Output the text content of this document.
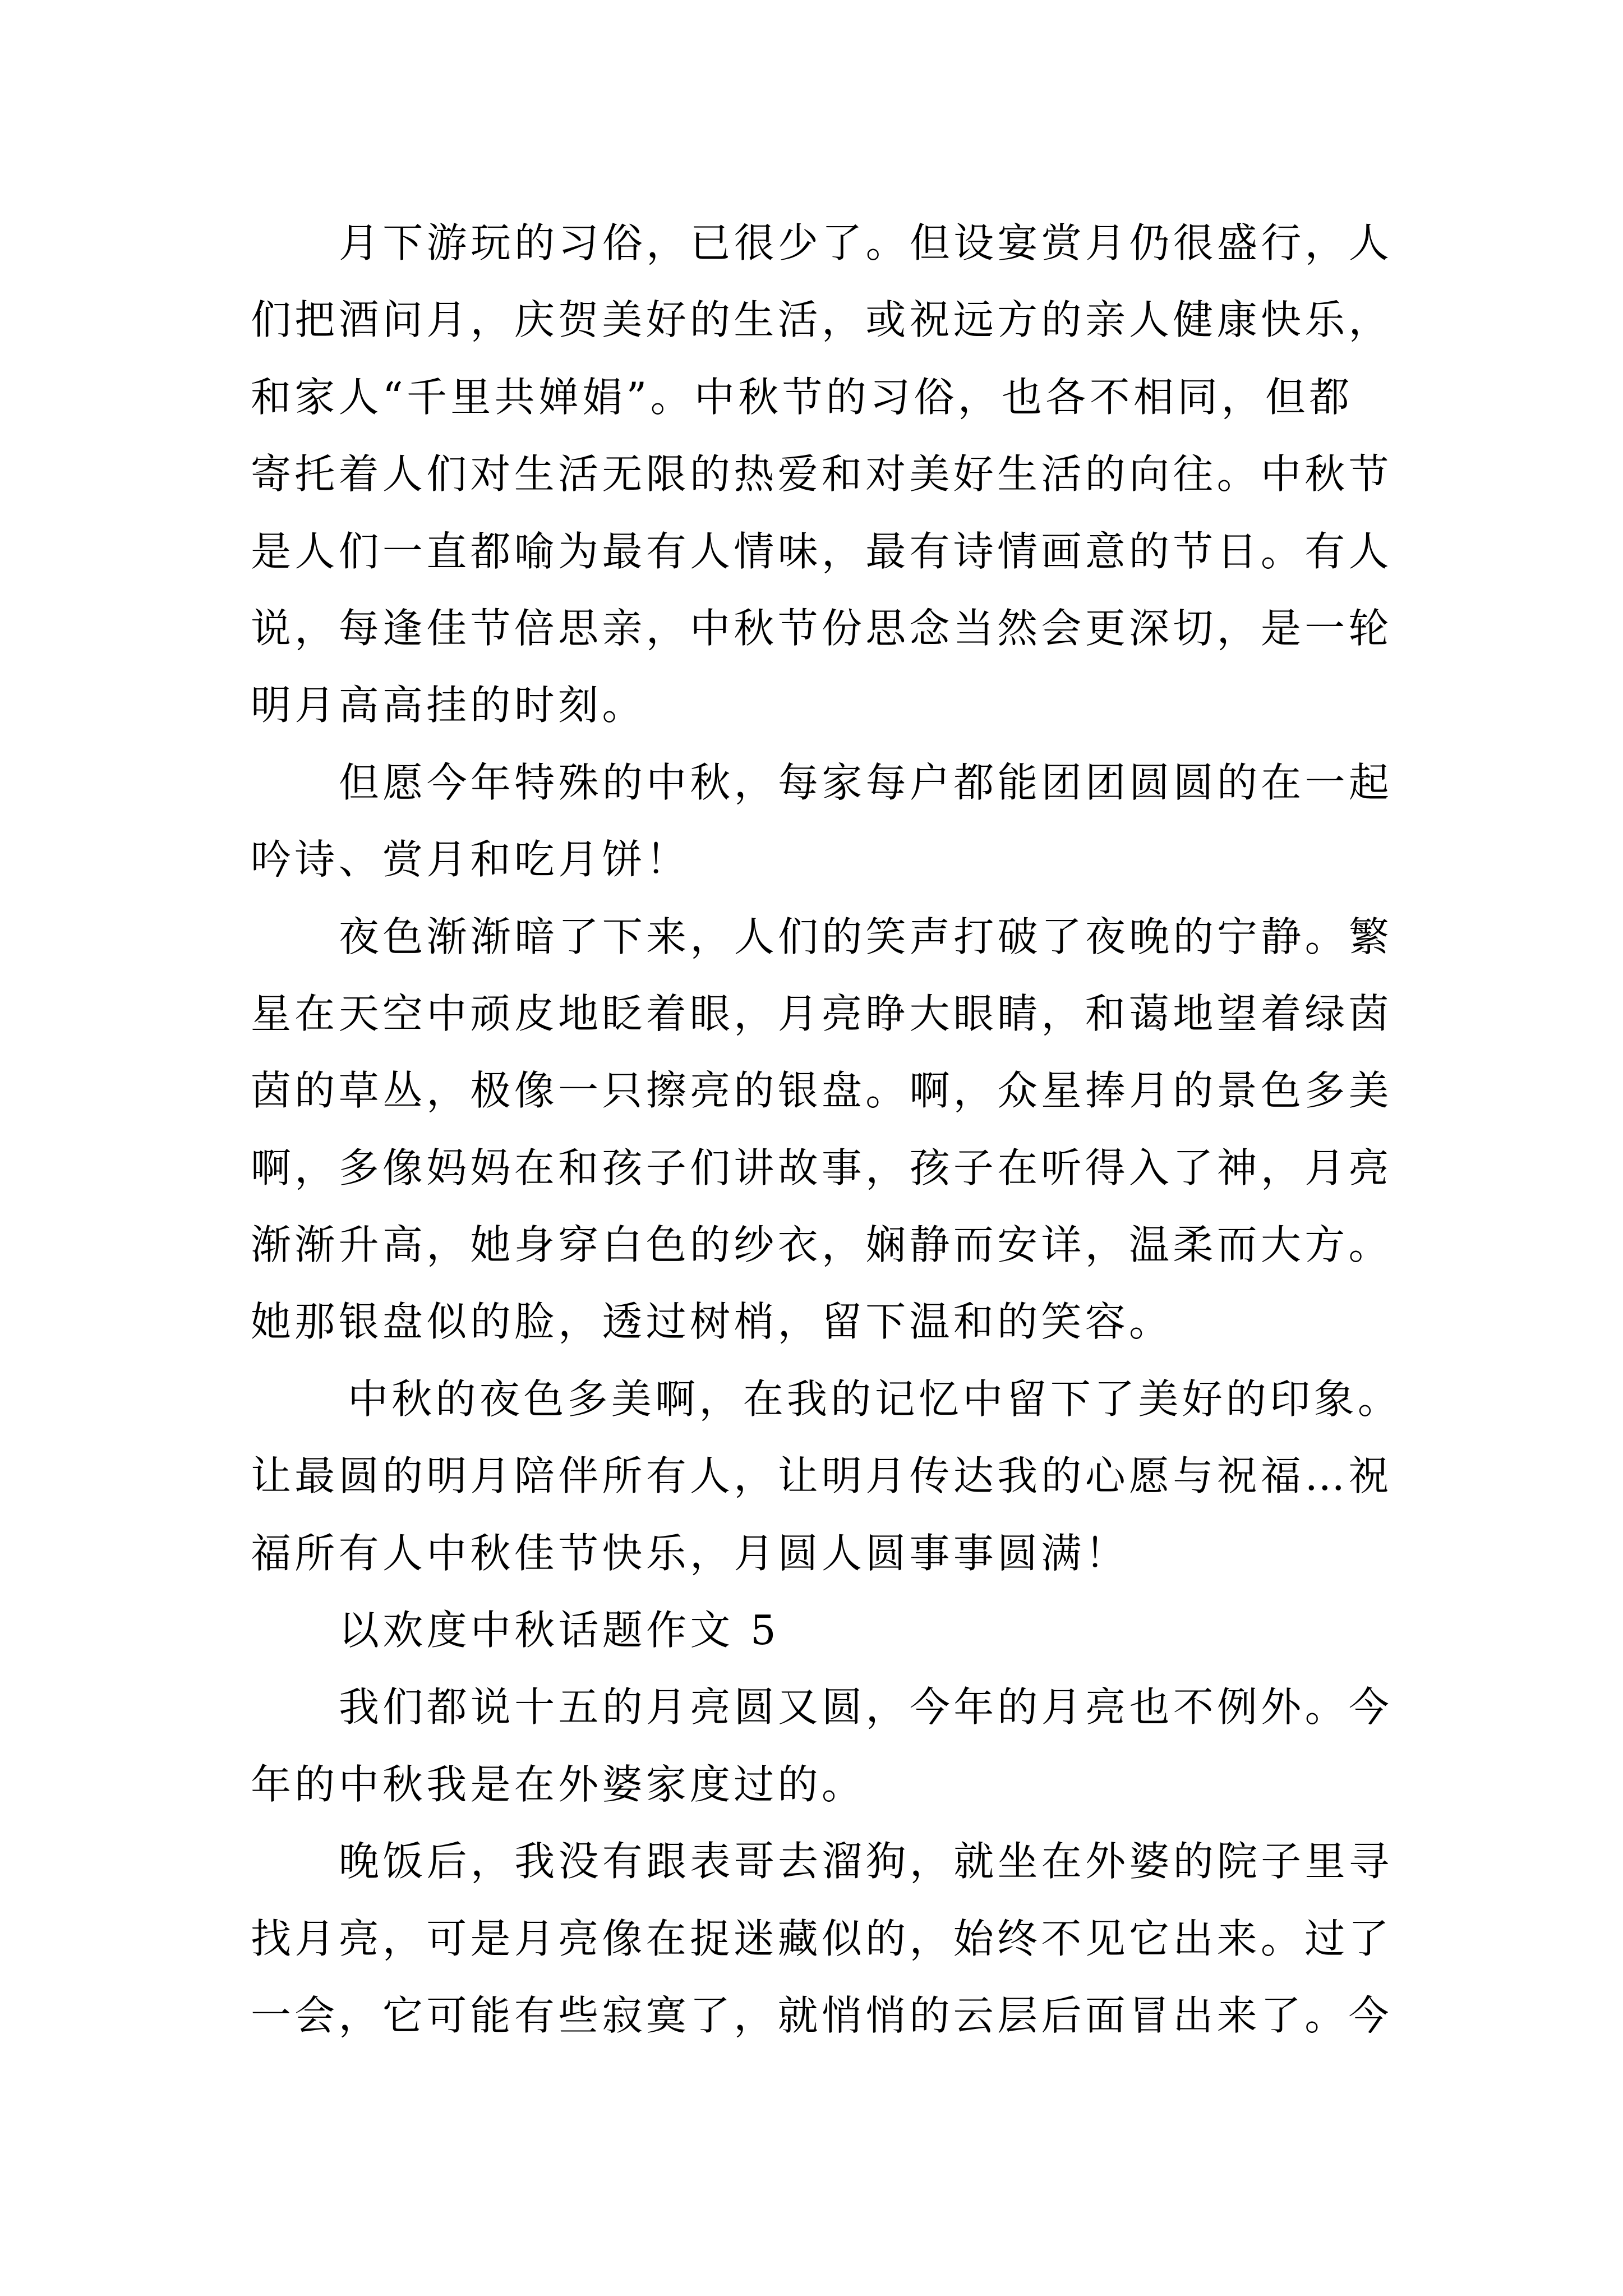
月下游玩的习俗，已很少了。但设宴赏月仍很盛行，人
们把酒问月，庆贺美好的生活，或祝远方的亲人健康快乐，
和家人“千里共婵娟”。中秋节的习俗，也各不相同，但都
寄托着人们对生活无限的热爱和对美好生活的向往。中秋节
是人们一直都喻为最有人情味，最有诗情画意的节日。有人
说，每逢佳节倍思亲，中秋节份思念当然会更深切，是一轮
明月高高挂的时刻。
但愿今年特殊的中秋，每家每户都能团团圆圆的在一起
吟诗、赏月和吃月饼！
夜色渐渐暗了下来，人们的笑声打破了夜晚的宁静。繁
星在天空中顽皮地眨着眼，月亮睁大眼睛，和蔼地望着绿茵
茵的草丛，极像一只擦亮的银盘。啊，众星捧月的景色多美
啊，多像妈妈在和孩子们讲故事，孩子在听得入了神，月亮
渐渐升高，她身穿白色的纱衣，娴静而安详，温柔而大方。
她那银盘似的脸，透过树梢，留下温和的笑容。
中秋的夜色多美啊，在我的记忆中留下了美好的印象。
让最圆的明月陪伴所有人，让明月传达我的心愿与祝福…祝
福所有人中秋佳节快乐，月圆人圆事事圆满！
以欢度中秋话题作文 5
我们都说十五的月亮圆又圆，今年的月亮也不例外。今
年的中秋我是在外婆家度过的。
晚饭后，我没有跟表哥去溜狗，就坐在外婆的院子里寻
找月亮，可是月亮像在捉迷藏似的，始终不见它出来。过了
一会，它可能有些寂寞了，就悄悄的云层后面冒出来了。今
